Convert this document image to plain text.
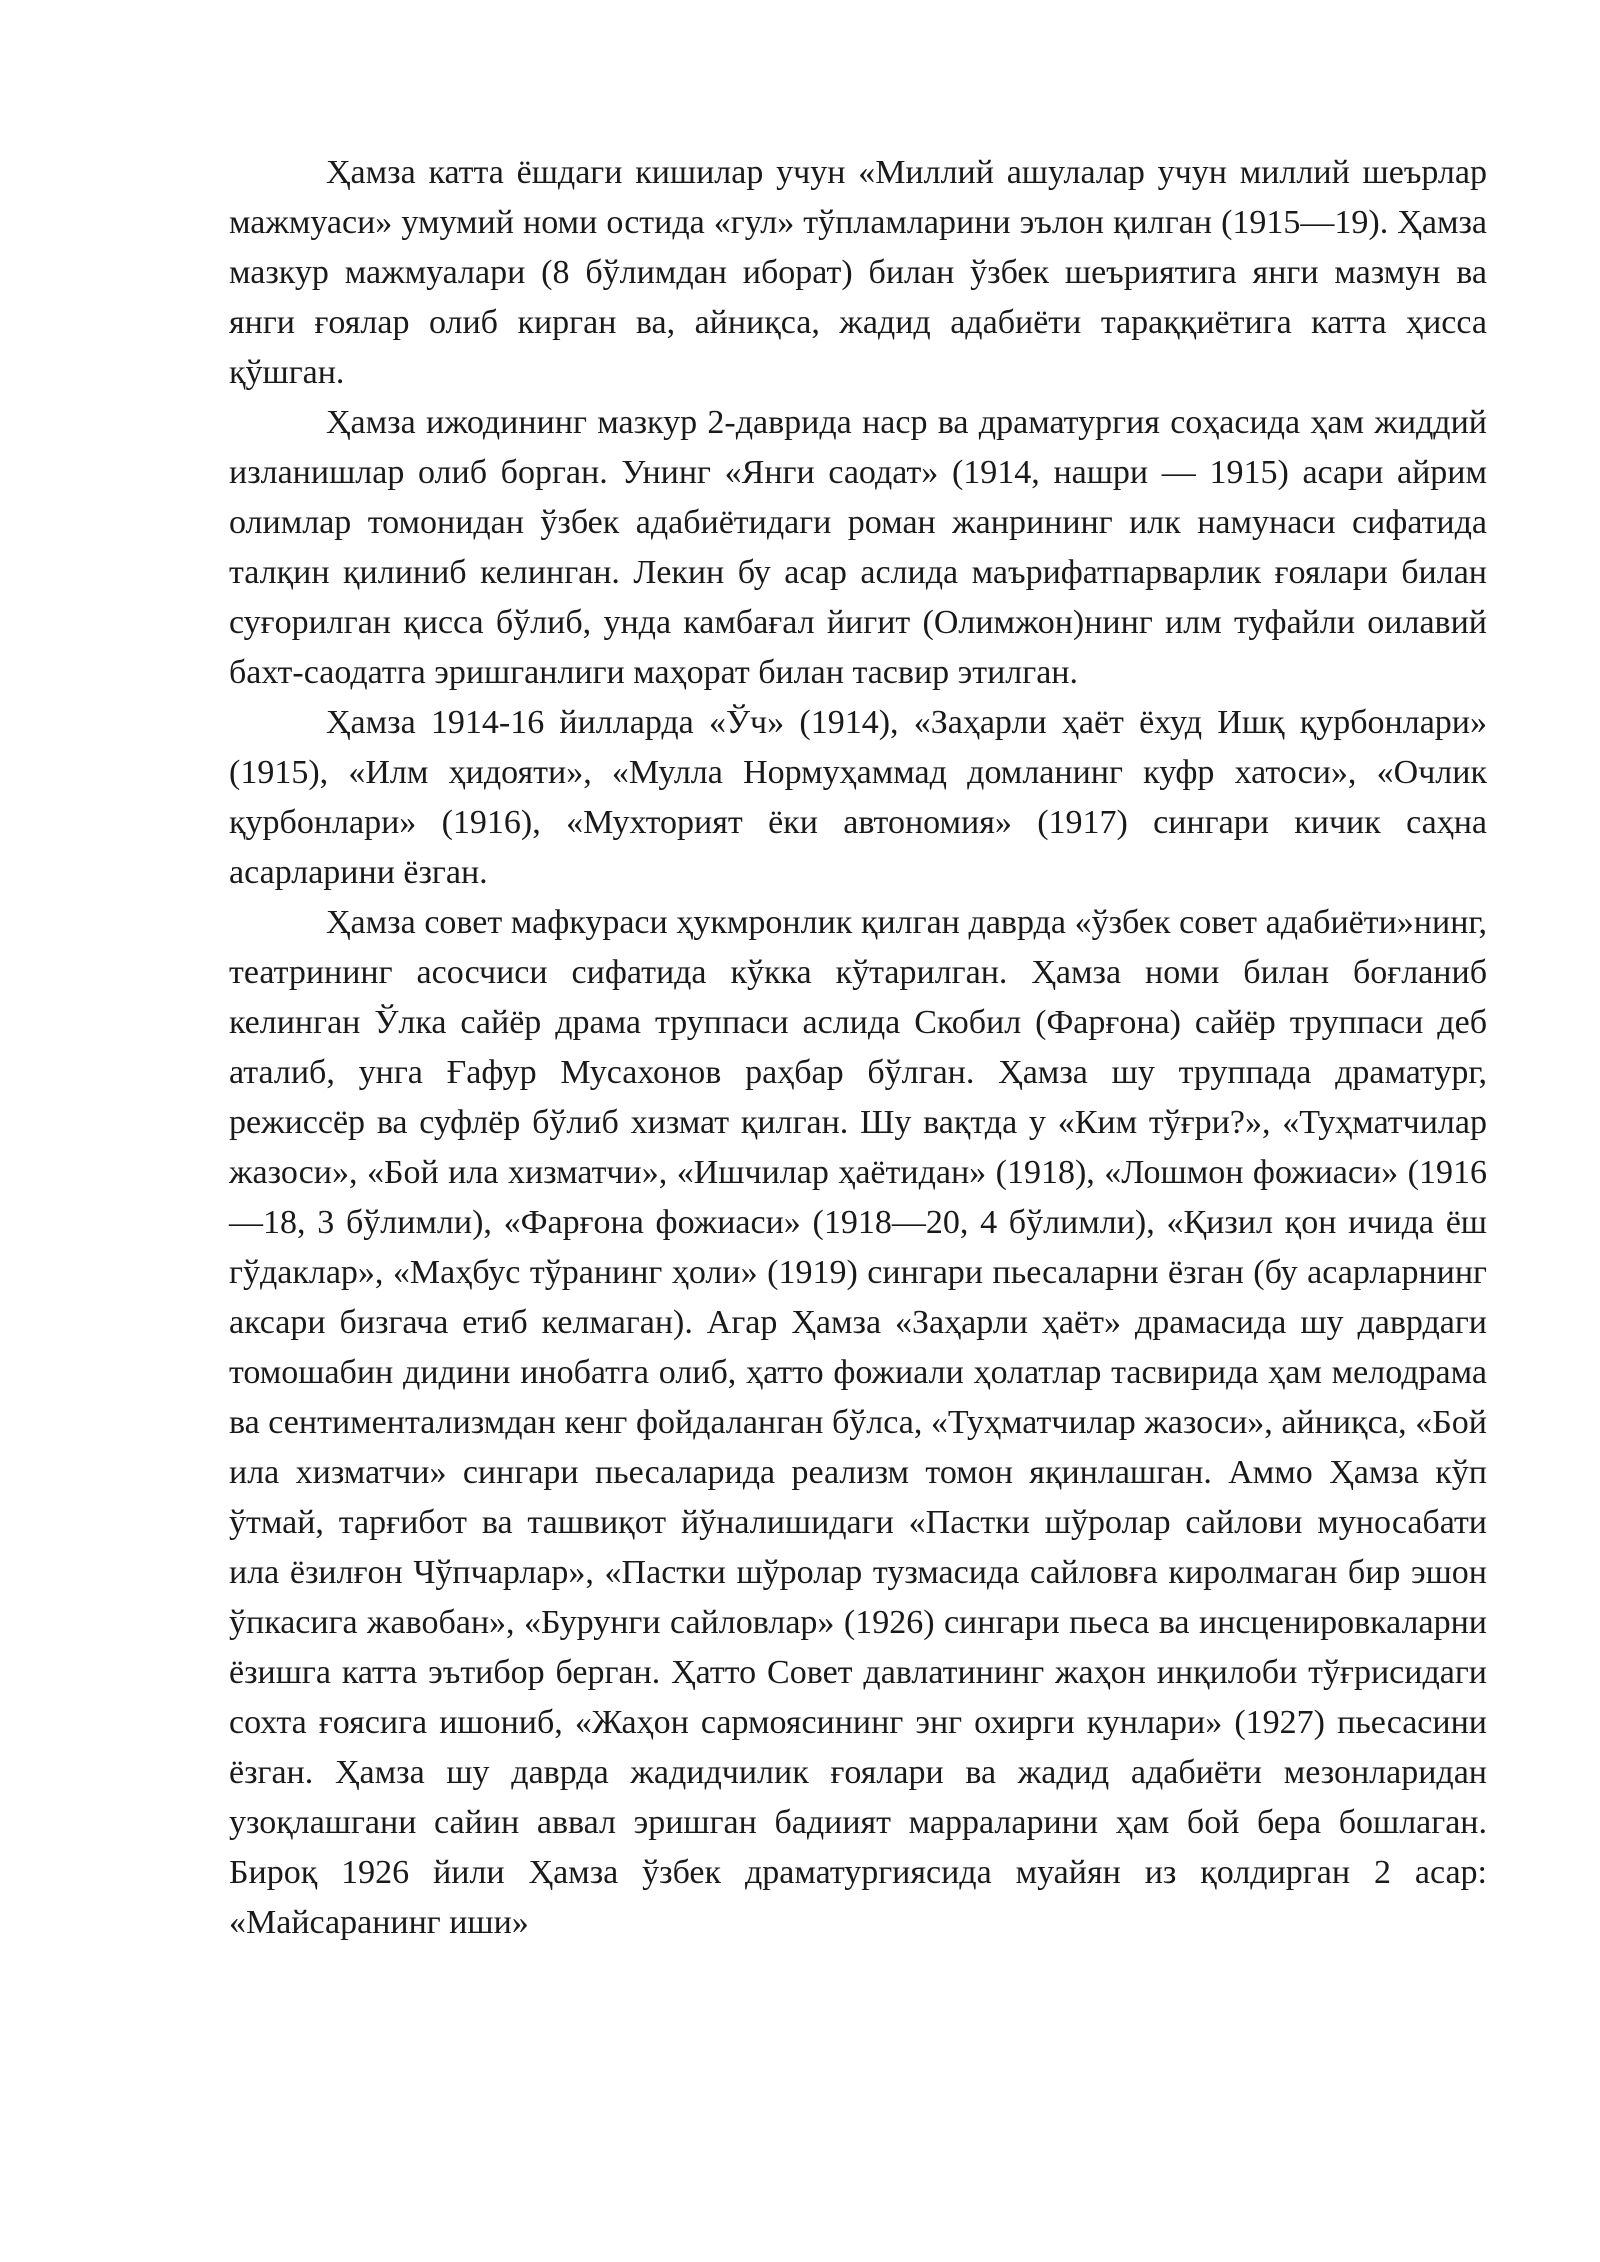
Ҳамза катта ёшдаги кишилар учун «Миллий ашулалар учун миллий шеърлар мажмуаси» умумий номи остида «гул» тўпламларини эълон қилган (1915—19). Ҳамза мазкур мажмуалари (8 бўлимдан иборат) билан ўзбек шеъриятига янги мазмун ва янги ғоялар олиб кирган ва, айниқса, жадид адабиёти тараққиётига катта ҳисса қўшган.

Ҳамза ижодининг мазкур 2-даврида наср ва драматургия соҳасида ҳам жиддий изланишлар олиб борган. Унинг «Янги саодат» (1914, нашри — 1915) асари айрим олимлар томонидан ўзбек адабиётидаги роман жанрининг илк намунаси сифатида талқин қилиниб келинган. Лекин бу асар аслида маърифатпарварлик ғоялари билан суғорилган қисса бўлиб, унда камбағал йигит (Олимжон)нинг илм туфайли оилавий бахт-саодатга эришганлиги маҳорат билан тасвир этилган.

Ҳамза 1914-16 йилларда «Ўч» (1914), «Заҳарли ҳаёт ёхуд Ишқ қурбонлари» (1915), «Илм ҳидояти», «Мулла Нормуҳаммад домланинг куфр хатоси», «Очлик қурбонлари» (1916), «Мухторият ёки автономия» (1917) сингари кичик саҳна асарларини ёзган.

Ҳамза совет мафкураси ҳукмронлик қилган даврда «ўзбек совет адабиёти»нинг, театрининг асосчиси сифатида кўкка кўтарилган. Ҳамза номи билан боғланиб келинган Ўлка сайёр драма труппаси аслида Скобил (Фарғона) сайёр труппаси деб аталиб, унга Ғафур Мусахонов раҳбар бўлган. Ҳамза шу труппада драматург, режиссёр ва суфлёр бўлиб хизмат қилган. Шу вақтда у «Ким тўғри?», «Туҳматчилар жазоси», «Бой ила хизматчи», «Ишчилар ҳаётидан» (1918), «Лошмон фожиаси» (1916—18, 3 бўлимли), «Фарғона фожиаси» (1918—20, 4 бўлимли), «Қизил қон ичида ёш гўдаклар», «Маҳбус тўранинг ҳоли» (1919) сингари пьесаларни ёзган (бу асарларнинг аксари бизгача етиб келмаган). Агар Ҳамза «Заҳарли ҳаёт» драмасида шу даврдаги томошабин дидини инобатга олиб, ҳатто фожиали ҳолатлар тасвирида ҳам мелодрама ва сентиментализмдан кенг фойдаланган бўлса, «Туҳматчилар жазоси», айниқса, «Бой ила хизматчи» сингари пьесаларида реализм томон яқинлашган. Аммо Ҳамза кўп ўтмай, тарғибот ва ташвиқот йўналишидаги «Пастки шўролар сайлови муносабати ила ёзилғон Чўпчарлар», «Пастки шўролар тузмасида сайловға киролмаган бир эшон ўпкасига жавобан», «Бурунги сайловлар» (1926) сингари пьеса ва инсценировкаларни ёзишга катта эътибор берган. Ҳатто Совет давлатининг жаҳон инқилоби тўғрисидаги сохта ғоясига ишониб, «Жаҳон сармоясининг энг охирги кунлари» (1927) пьесасини ёзган. Ҳамза шу даврда жадидчилик ғоялари ва жадид адабиёти мезонларидан узоқлашгани сайин аввал эришган бадиият марраларини ҳам бой бера бошлаган. Бироқ 1926 йили Ҳамза ўзбек драматургиясида муайян из қолдирган 2 асар: «Майсаранинг иши»
